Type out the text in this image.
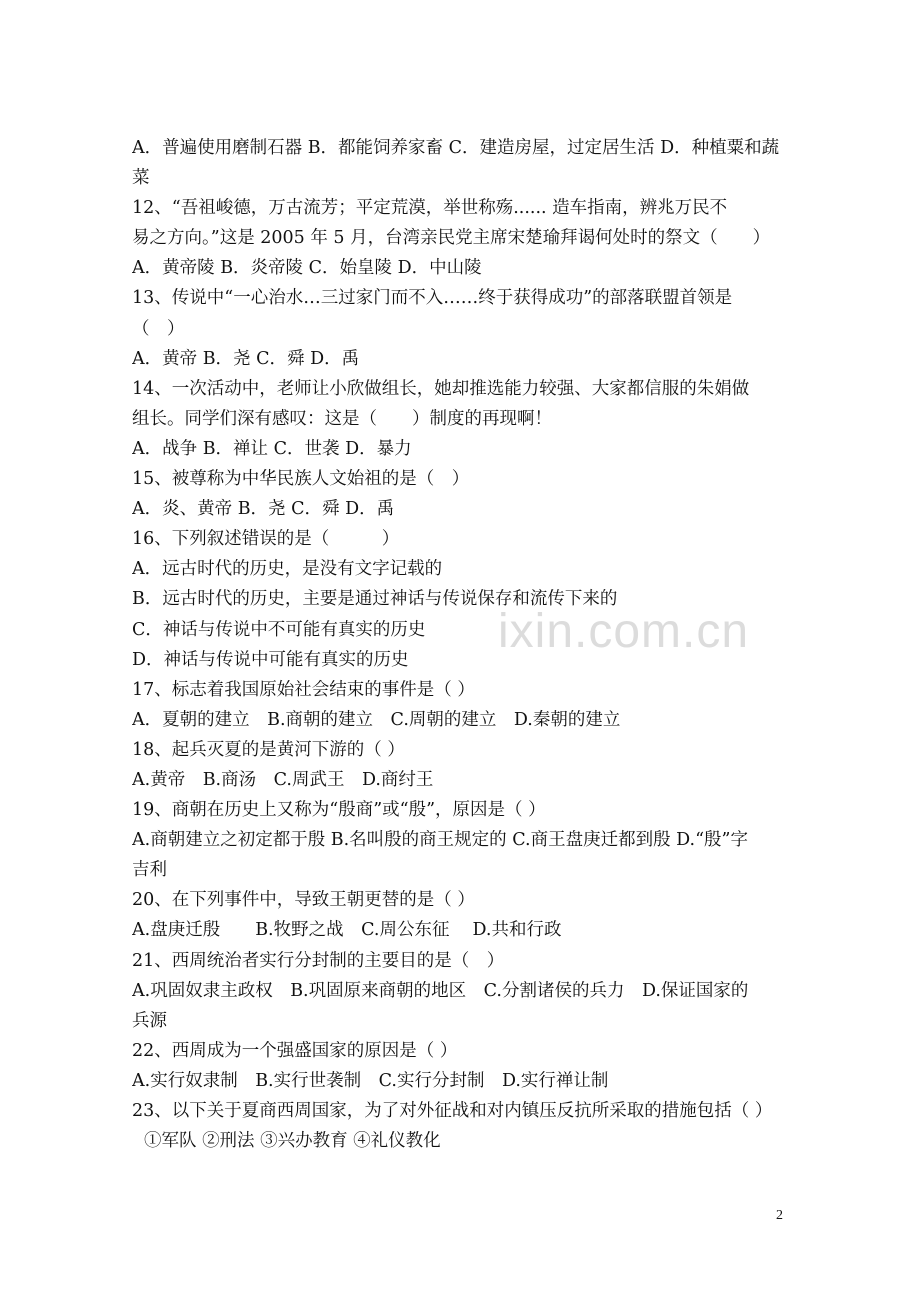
A．普遍使用磨制石器 B．都能饲养家畜 C．建造房屋，过定居生活 D．种植粟和蔬
菜
12、“吾祖峻德，万古流芳；平定荒漠，举世称殇...... 造车指南，辨兆万民不
易之方向。”这是 2005 年 5 月，台湾亲民党主席宋楚瑜拜谒何处时的祭文（　　）
A．黄帝陵 B．炎帝陵 C．始皇陵 D．中山陵
13、传说中“一心治水…三过家门而不入……终于获得成功”的部落联盟首领是
（　）
A．黄帝 B．尧 C．舜 D．禹
14、一次活动中，老师让小欣做组长，她却推选能力较强、大家都信服的朱娟做
组长。同学们深有感叹：这是（　　）制度的再现啊！
A．战争 B．禅让 C．世袭 D．暴力
15、被尊称为中华民族人文始祖的是（　）
A．炎、黄帝 B．尧 C．舜 D．禹
16、下列叙述错误的是（　　　）
A．远古时代的历史，是没有文字记载的
B．远古时代的历史，主要是通过神话与传说保存和流传下来的
C．神话与传说中不可能有真实的历史
D．神话与传说中可能有真实的历史
17、标志着我国原始社会结束的事件是（ ）
A．夏朝的建立　B.商朝的建立　C.周朝的建立　D.秦朝的建立
18、起兵灭夏的是黄河下游的（ ）
A.黄帝　B.商汤　C.周武王　D.商纣王
19、商朝在历史上又称为“殷商”或“殷”，原因是（ ）
A.商朝建立之初定都于殷 B.名叫殷的商王规定的 C.商王盘庚迁都到殷 D.“殷”字
吉利
20、在下列事件中，导致王朝更替的是（ ）
A.盘庚迁殷　　B.牧野之战　C.周公东征　 D.共和行政
21、西周统治者实行分封制的主要目的是（　）
A.巩固奴隶主政权　B.巩固原来商朝的地区　C.分割诸侯的兵力　D.保证国家的
兵源
22、西周成为一个强盛国家的原因是（ ）
A.实行奴隶制　B.实行世袭制　C.实行分封制　D.实行禅让制
23、以下关于夏商西周国家，为了对外征战和对内镇压反抗所采取的措施包括（ ）
①军队 ②刑法 ③兴办教育 ④礼仪教化
ixin.com.cn
2
